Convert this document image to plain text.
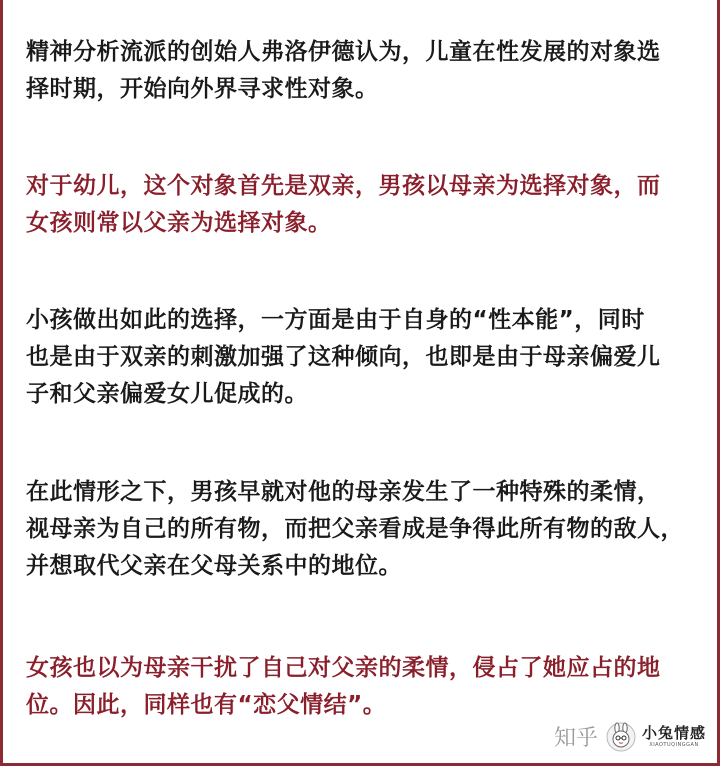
精神分析流派的创始人弗洛伊德认为，儿童在性发展的对象选
择时期，开始向外界寻求性对象。
对于幼儿，这个对象首先是双亲，男孩以母亲为选择对象，而
女孩则常以父亲为选择对象。
小孩做出如此的选择，一方面是由于自身的“性本能”，同时
也是由于双亲的刺激加强了这种倾向，也即是由于母亲偏爱儿
子和父亲偏爱女儿促成的。
在此情形之下，男孩早就对他的母亲发生了一种特殊的柔情，
视母亲为自己的所有物，而把父亲看成是争得此所有物的敌人，
并想取代父亲在父母关系中的地位。
女孩也以为母亲干扰了自己对父亲的柔情，侵占了她应占的地
位。因此，同样也有“恋父情结”。
知乎	小兔情感
XIAOTUQINGGAN
